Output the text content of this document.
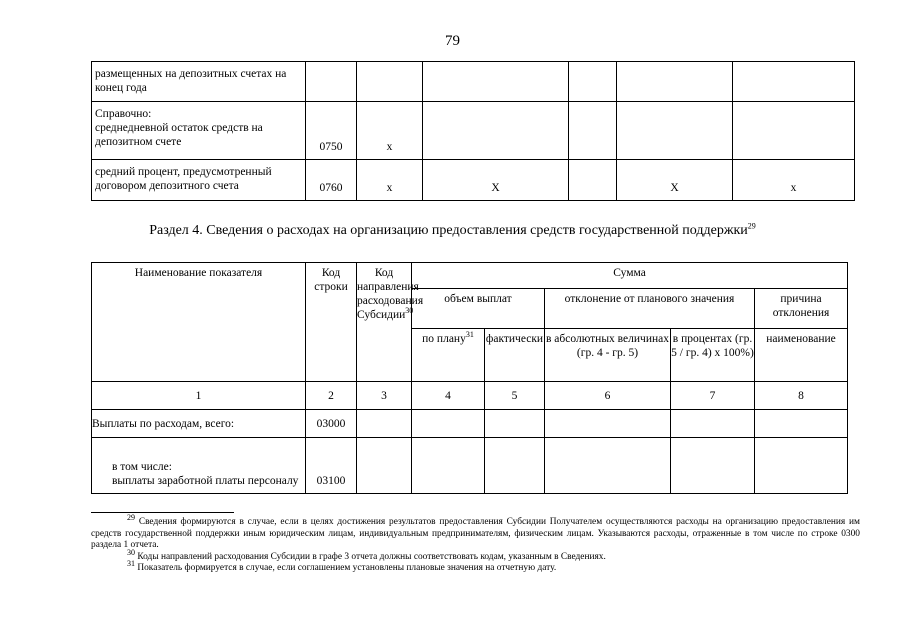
79
размещенных на депозитных счетах на конец года						

Справочно:
среднедневной остаток средств на депозитном счете	0750	x				
средний процент, предусмотренный договором депозитного счета	0760	x	X		X	x
Раздел 4. Сведения о расходах на организацию предоставления средств государственной поддержки$^{29}$
Наименование показателя	Код строки	Код направления расходования Субсидии$^{30}$	Сумма				
			объем выплат		отклонение от планового значения		причина отклонения
			по плану$^{31}$	фактически	в абсолютных величинах (гр. 4 - гр. 5)	в процентах (гр. 5 / гр. 4) х 100%)	наименование
1	2	3	4	5	6	7	8
Выплаты по расходам, всего:	03000						

в том числе:
выплаты заработной платы персоналу	03100						

$^{29}$ Сведения формируются в случае, если в целях достижения результатов предоставления Субсидии Получателем осуществляются расходы на организацию предоставления им средств государственной поддержки иным юридическим лицам, индивидуальным предпринимателям, физическим лицам. Указываются расходы, отраженные в том числе по строке 0300 раздела 1 отчета.

$^{30}$ Коды направлений расходования Субсидии в графе 3 отчета должны соответствовать кодам, указанным в Сведениях.

$^{31}$ Показатель формируется в случае, если соглашением установлены плановые значения на отчетную дату.
